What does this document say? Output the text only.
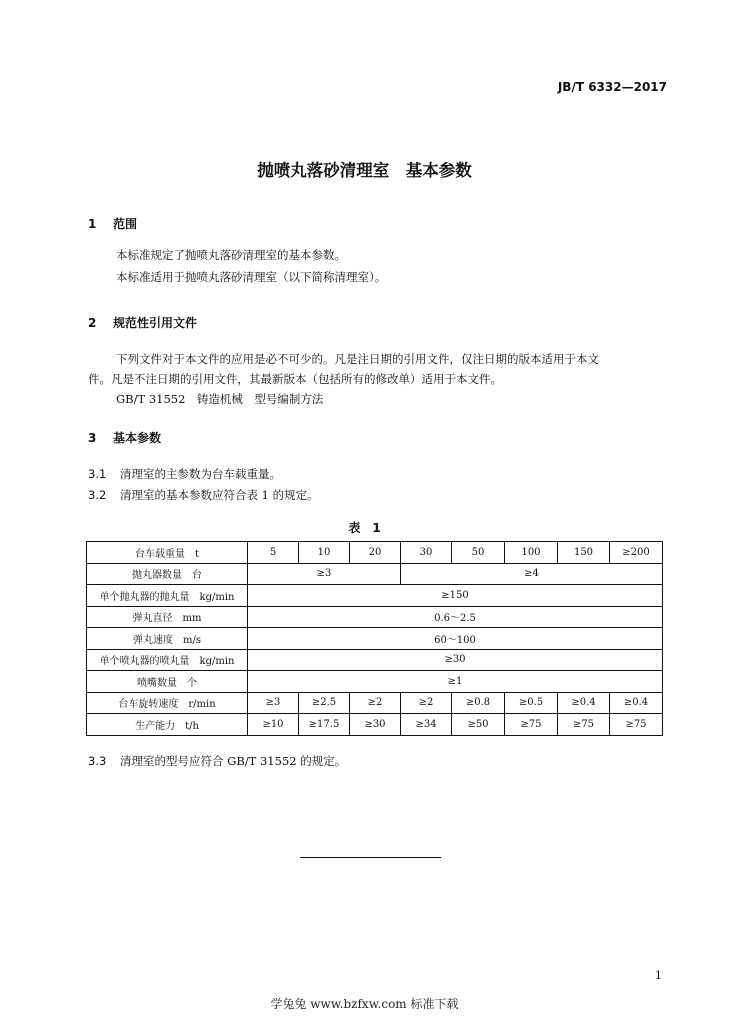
JB/T 6332—2017
抛喷丸落砂清理室　基本参数
1 范围
本标准规定了抛喷丸落砂清理室的基本参数。
本标准适用于抛喷丸落砂清理室（以下简称清理室）。
2 规范性引用文件
下列文件对于本文件的应用是必不可少的。凡是注日期的引用文件，仅注日期的版本适用于本文
件。凡是不注日期的引用文件，其最新版本（包括所有的修改单）适用于本文件。
GB/T 31552　铸造机械　型号编制方法
3 基本参数
3.1 清理室的主参数为台车载重量。
3.2 清理室的基本参数应符合表 1 的规定。
表　1
台车载重量　t	5	10	20	30	50	100	150	≥200
抛丸器数量　台	≥3			≥4				
单个抛丸器的抛丸量　kg/min	≥150							
弹丸直径　mm	0.6～2.5							
弹丸速度　m/s	60～100							
单个喷丸器的喷丸量　kg/min	≥30							
喷嘴数量　个	≥1							
台车旋转速度　r/min	≥3	≥2.5	≥2	≥2	≥0.8	≥0.5	≥0.4	≥0.4
生产能力　t/h	≥10	≥17.5	≥30	≥34	≥50	≥75	≥75	≥75
3.3 清理室的型号应符合 GB/T 31552 的规定。
1
学兔兔 www.bzfxw.com 标准下载
